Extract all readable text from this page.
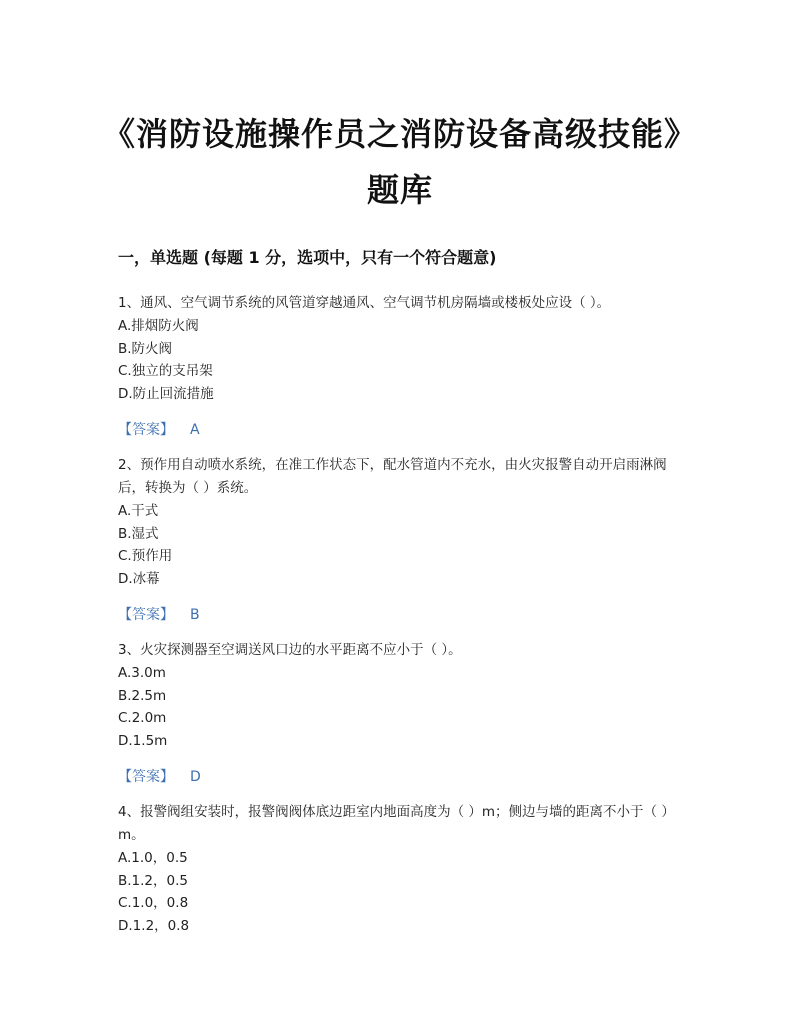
《消防设施操作员之消防设备高级技能》题库
一，单选题 (每题 1 分，选项中，只有一个符合题意)

1、通风、空气调节系统的风管道穿越通风、空气调节机房隔墙或楼板处应设（ ）。

A.排烟防火阀
B.防火阀
C.独立的支吊架
D.防止回流措施
【答案】 A

2、预作用自动喷水系统，在准工作状态下，配水管道内不充水，由火灾报警自动开启雨淋阀后，转换为（ ）系统。

A.干式
B.湿式
C.预作用
D.冰幕
【答案】 B

3、火灾探测器至空调送风口边的水平距离不应小于（ ）。

A.3.0m
B.2.5m
C.2.0m
D.1.5m
【答案】 D

4、报警阀组安装时，报警阀阀体底边距室内地面高度为（ ）m；侧边与墙的距离不小于（ ）m。

A.1.0，0.5
B.1.2，0.5
C.1.0，0.8
D.1.2，0.8
